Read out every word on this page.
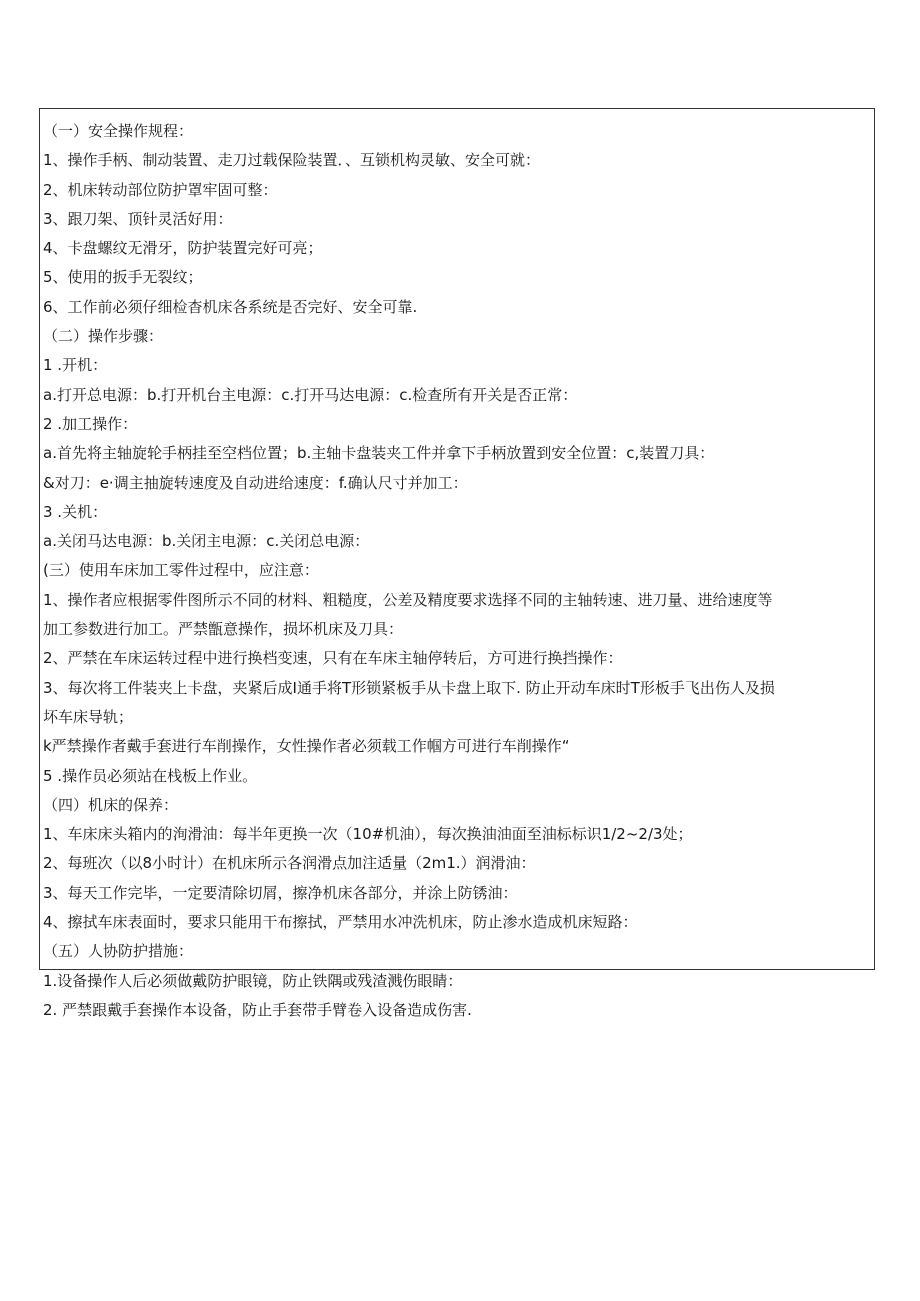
（一）安全操作规程：
1、操作手柄、制动装置、走刀过载保险装置．、互锁机构灵敏、安全可就：
2、机床转动部位防护罩牢固可整：
3、跟刀架、顶针灵活好用：
4、卡盘螺纹无滑牙，防护装置完好可亮；
5、使用的扳手无裂纹；
6、工作前必须仔细检杳机床各系统是否完好、安全可靠.
（二）操作步骤：
1 .开机：
a.打开总电源：b.打开机台主电源：c.打开马达电源：c.检查所有开关是否正常：
2 .加工操作：
a.首先将主轴旋轮手柄挂至空档位置；b.主轴卡盘装夹工件并拿下手柄放置到安全位置：c,装置刀具：
&对刀：e·调主抽旋转速度及自动进给速度：f.确认尺寸并加工：
3 .关机：
a.关闭马达电源：b.关闭主电源：c.关闭总电源：
(三）使用车床加工零件过程中，应注意：
1、操作者应根据零件图所示不同的材料、粗糙度，公差及精度要求选择不同的主轴转速、进刀量、进给速度等
加工参数进行加工。严禁甑意操作，损坏机床及刀具：
2、严禁在车床运转过程中进行换档变速，只有在车床主轴停转后，方可进行换挡操作：
3、每次将工件装夹上卡盘，夹紧后成I通手将T形锁紧板手从卡盘上取下. 防止开动车床时T形板手飞出伤人及损
坏车床导轨；
k严禁操作者戴手套进行车削操作，女性操作者必须载工作帼方可进行车削操作“
5 .操作员必须站在栈板上作业。
（四）机床的保养：
1、车床床头箱内的洵滑油：每半年更换一次（10#机油），每次换油油面至油标标识1/2~2/3处；
2、每班次（以8小时计）在机床所示各润滑点加注适量（2m1.）润滑油：
3、每天工作完毕，一定要清除切屑，擦净机床各部分，并涂上防锈油：
4、擦拭车床表面时，要求只能用干布擦拭，严禁用水冲洗机床，防止渗水造成机床短路：
（五）人协防护措施：
1.设备操作人后必须做戴防护眼镜，防止铁隅或残渣溅伤眼睛：
2. 严禁跟戴手套操作本设备，防止手套带手臂卷入设备造成伤害.
